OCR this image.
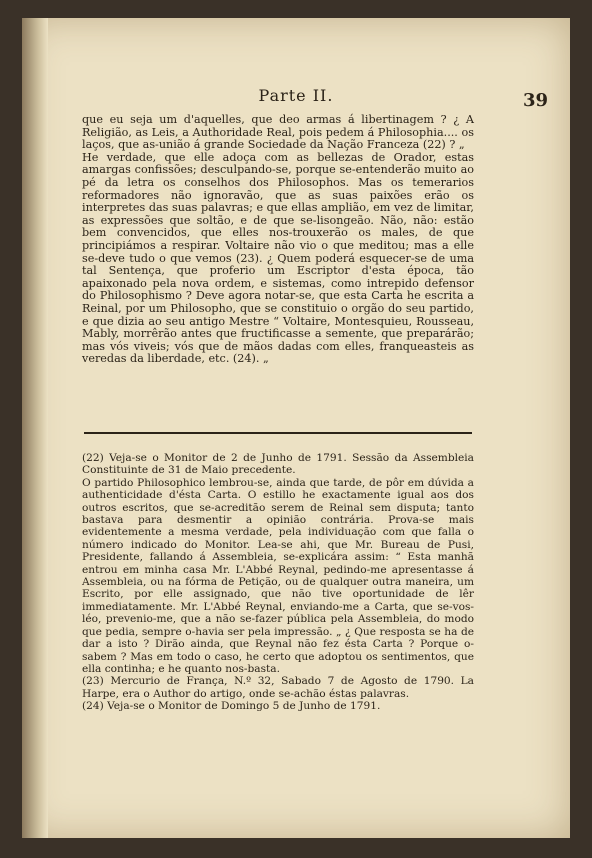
Parte II.	39
que eu seja um d'aquelles, que deo armas á libertinagem ? ¿ A Religião, as Leis, a Authoridade Real, pois pedem á Philosophia.... os laços, que as-união á grande Sociedade da Nação Franceza (22) ? „
He verdade, que elle adoça com as bellezas de Orador, estas amargas confissões; desculpando-se, porque se-entenderão muito ao pé da letra os conselhos dos Philosophos. Mas os temerarios reformadores não ignoravão, que as suas paixões erão os interpretes das suas palavras; e que ellas amplião, em vez de limitar, as expressões que soltão, e de que se-lisongeão. Não, não: estão bem convencidos, que elles nos-trouxerão os males, de que principiámos a respirar. Voltaire não vio o que meditou; mas a elle se-deve tudo o que vemos (23). ¿ Quem poderá esquecer-se de uma tal Sentença, que proferio um Escriptor d'esta época, tão apaixonado pela nova ordem, e sistemas, como intrepido defensor do Philosophismo ? Deve agora notar-se, que esta Carta he escrita a Reinal, por um Philosopho, que se constituio o orgão do seu partido, e que dizia ao seu antigo Mestre “ Voltaire, Montesquieu, Rousseau, Mably, morrêrão antes que fructificasse a semente, que preparárão; mas vós viveis; vós que de mãos dadas com elles, franqueasteis as veredas da liberdade, etc. (24). „
(22) Veja-se o Monitor de 2 de Junho de 1791. Sessão da Assembleia Constituinte de 31 de Maio precedente.
O partido Philosophico lembrou-se, ainda que tarde, de pôr em dúvida a authenticidade d'ésta Carta. O estillo he exactamente igual aos dos outros escritos, que se-acreditão serem de Reinal sem disputa; tanto bastava para desmentir a opinião contrária. Prova-se mais evidentemente a mesma verdade, pela individuação com que falla o número indicado do Monitor. Lea-se ahi, que Mr. Bureau de Pusi, Presidente, fallando á Assembleia, se-explicára assim: “ Esta manhã entrou em minha casa Mr. L'Abbé Reynal, pedindo-me apresentasse á Assembleia, ou na fórma de Petição, ou de qualquer outra maneira, um Escrito, por elle assignado, que não tive oportunidade de lêr immediatamente. Mr. L'Abbé Reynal, enviando-me a Carta, que se-vos-léo, prevenio-me, que a não se-fazer pública pela Assembleia, do modo que pedia, sempre o-havia ser pela impressão. „ ¿ Que resposta se ha de dar a isto ? Dirão ainda, que Reynal não fez ésta Carta ? Porque o-sabem ? Mas em todo o caso, he certo que adoptou os sentimentos, que ella continha; e he quanto nos-basta.
(23) Mercurio de França, N.º 32, Sabado 7 de Agosto de 1790. La Harpe, era o Author do artigo, onde se-achão éstas palavras.
(24) Veja-se o Monitor de Domingo 5 de Junho de 1791.
